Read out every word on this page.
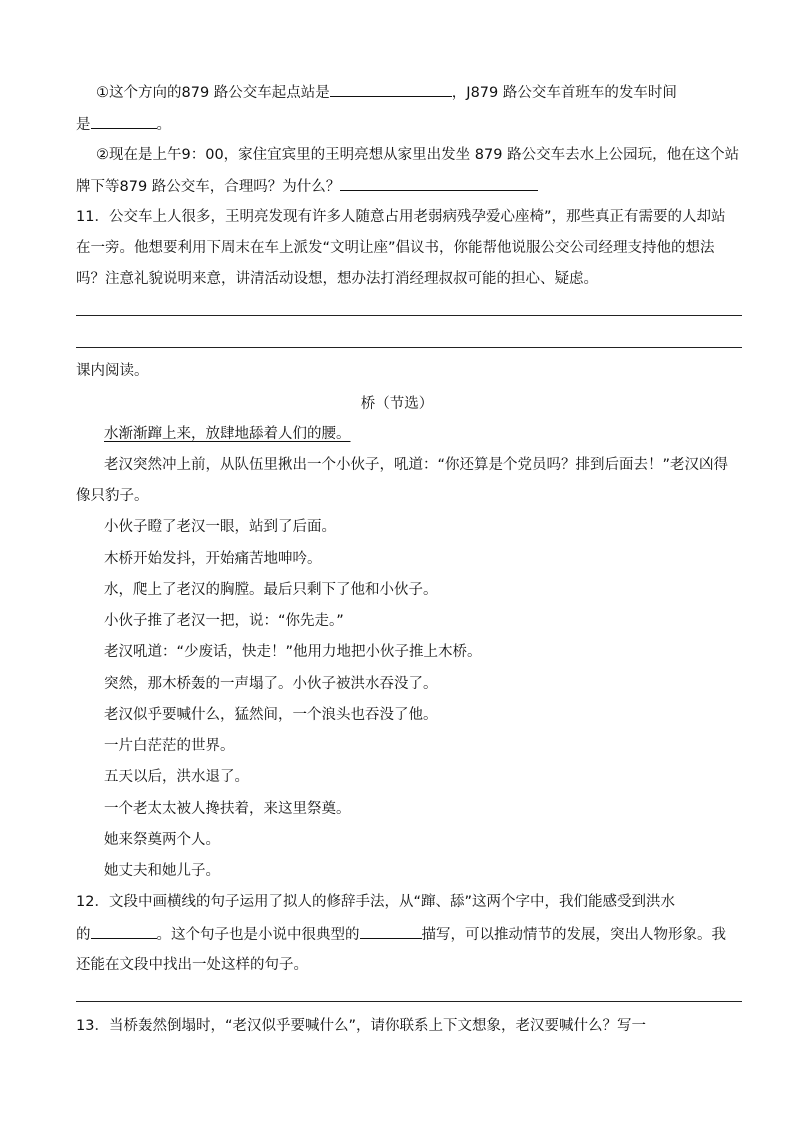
①这个方向的879 路公交车起点站是	，J879 路公交车首班车的发车时间
是	。
②现在是上午9：00，家住宜宾里的王明亮想从家里出发坐 879 路公交车去水上公园玩，他在这个站
牌下等879 路公交车，合理吗？为什么？
11．公交车上人很多，王明亮发现有许多人随意占用老弱病残孕爱心座椅”，那些真正有需要的人却站
在一旁。他想要利用下周末在车上派发“文明让座”倡议书，你能帮他说服公交公司经理支持他的想法
吗？注意礼貌说明来意，讲清活动设想，想办法打消经理叔叔可能的担心、疑虑。
课内阅读。
桥（节选）
水渐渐蹿上来，放肆地舔着人们的腰。
老汉突然冲上前，从队伍里揪出一个小伙子，吼道：“你还算是个党员吗？排到后面去！”老汉凶得
像只豹子。
小伙子瞪了老汉一眼，站到了后面。
木桥开始发抖，开始痛苦地呻吟。
水，爬上了老汉的胸膛。最后只剩下了他和小伙子。
小伙子推了老汉一把，说：“你先走。”
老汉吼道：“少废话，快走！”他用力地把小伙子推上木桥。
突然，那木桥轰的一声塌了。小伙子被洪水吞没了。
老汉似乎要喊什么，猛然间，一个浪头也吞没了他。
一片白茫茫的世界。
五天以后，洪水退了。
一个老太太被人搀扶着，来这里祭奠。
她来祭奠两个人。
她丈夫和她儿子。
12．文段中画横线的句子运用了拟人的修辞手法，从“蹿、舔”这两个字中，我们能感受到洪水
的	。这个句子也是小说中很典型的	描写，可以推动情节的发展，突出人物形象。我
还能在文段中找出一处这样的句子。
13．当桥轰然倒塌时，“老汉似乎要喊什么”，请你联系上下文想象，老汉要喊什么？写一
